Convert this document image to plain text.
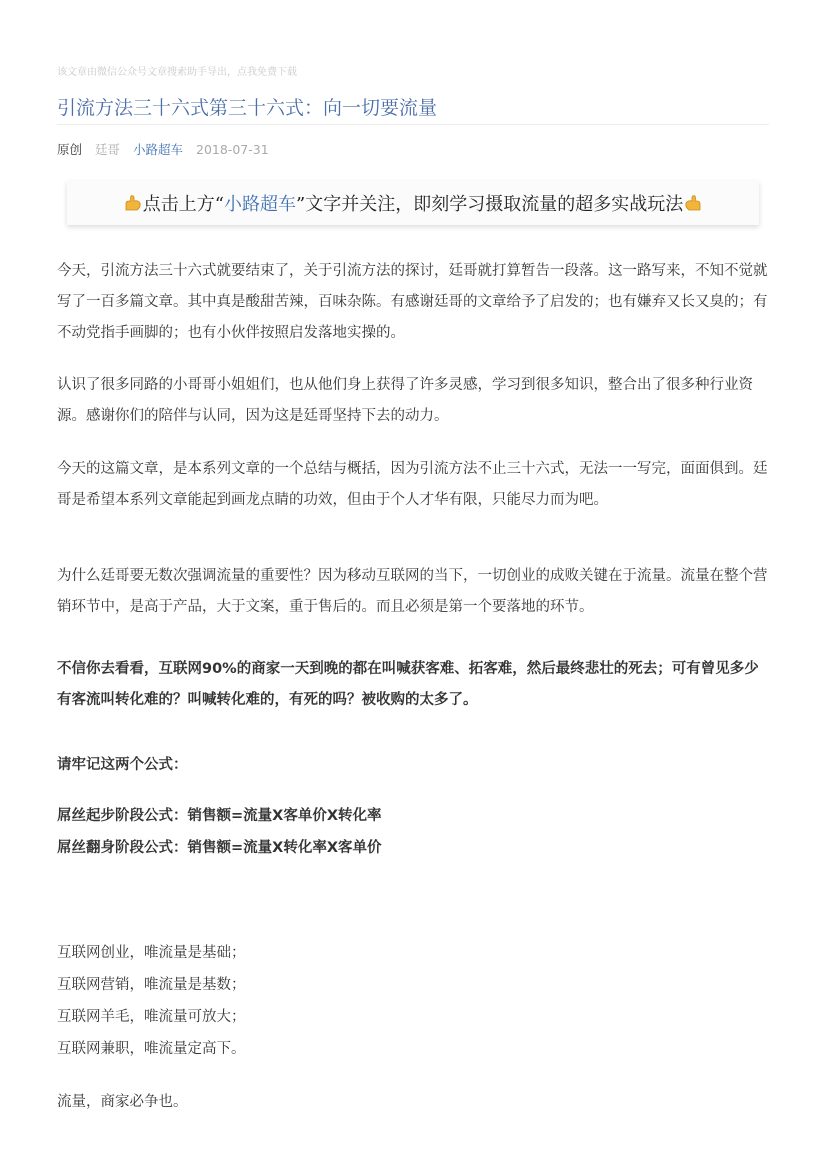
该文章由微信公众号文章搜索助手导出，点我免费下载
引流方法三十六式第三十六式：向一切要流量
原创 廷哥 小路超车 2018-07-31
点击上方“ 小路超车 ”文字并关注，即刻学习摄取流量的超多实战玩法

今天，引流方法三十六式就要结束了，关于引流方法的探讨，廷哥就打算暂告一段落。这一路写来，不知不觉就写了一百多篇文章。其中真是酸甜苦辣，百味杂陈。有感谢廷哥的文章给予了启发的；也有嫌弃又长又臭的；有不动党指手画脚的；也有小伙伴按照启发落地实操的。

认识了很多同路的小哥哥小姐姐们，也从他们身上获得了许多灵感，学习到很多知识，整合出了很多种行业资源。感谢你们的陪伴与认同，因为这是廷哥坚持下去的动力。

今天的这篇文章，是本系列文章的一个总结与概括，因为引流方法不止三十六式，无法一一写完，面面俱到。廷哥是希望本系列文章能起到画龙点睛的功效，但由于个人才华有限，只能尽力而为吧。

为什么廷哥要无数次强调流量的重要性？因为移动互联网的当下，一切创业的成败关键在于流量。流量在整个营销环节中，是高于产品，大于文案，重于售后的。而且必须是第一个要落地的环节。

不信你去看看，互联网90%的商家一天到晚的都在叫喊获客难、拓客难，然后最终悲壮的死去；可有曾见多少有客流叫转化难的？叫喊转化难的，有死的吗？被收购的太多了。

请牢记这两个公式：
屌丝起步阶段公式：销售额=流量X客单价X转化率
屌丝翻身阶段公式：销售额=流量X转化率X客单价
互联网创业，唯流量是基础；
互联网营销，唯流量是基数；
互联网羊毛，唯流量可放大；
互联网兼职，唯流量定高下。
流量，商家必争也。
